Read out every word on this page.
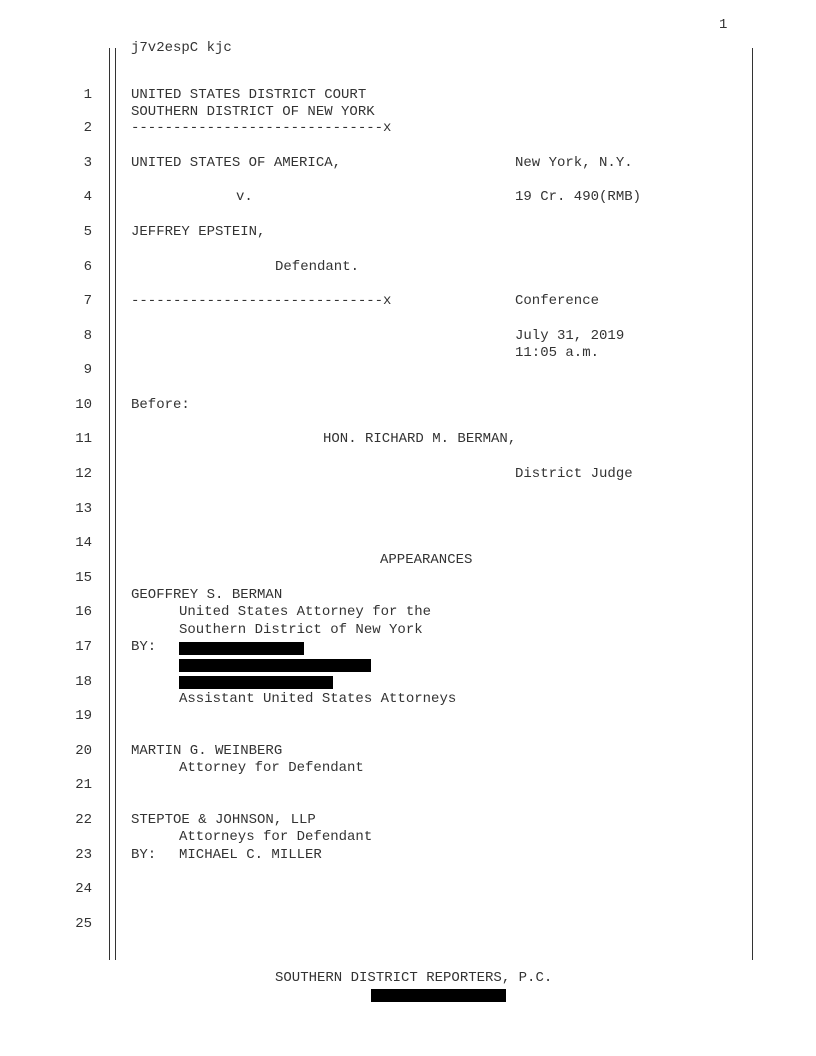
1
j7v2espC kjc
1
2
3
4
5
6
7
8
9
10
11
12
13
14
15
16
17
18
19
20
21
22
23
24
25
UNITED STATES DISTRICT COURT
SOUTHERN DISTRICT OF NEW YORK
------------------------------x
UNITED STATES OF AMERICA,	New York, N.Y.
v.	19 Cr. 490(RMB)
JEFFREY EPSTEIN,
Defendant.
------------------------------x	Conference
July 31, 2019
11:05 a.m.
Before:
HON. RICHARD M. BERMAN,
District Judge
APPEARANCES
GEOFFREY S. BERMAN
United States Attorney for the
Southern District of New York
BY:
Assistant United States Attorneys
MARTIN G. WEINBERG
Attorney for Defendant
STEPTOE & JOHNSON, LLP
Attorneys for Defendant
BY: MICHAEL C. MILLER
SOUTHERN DISTRICT REPORTERS, P.C.
